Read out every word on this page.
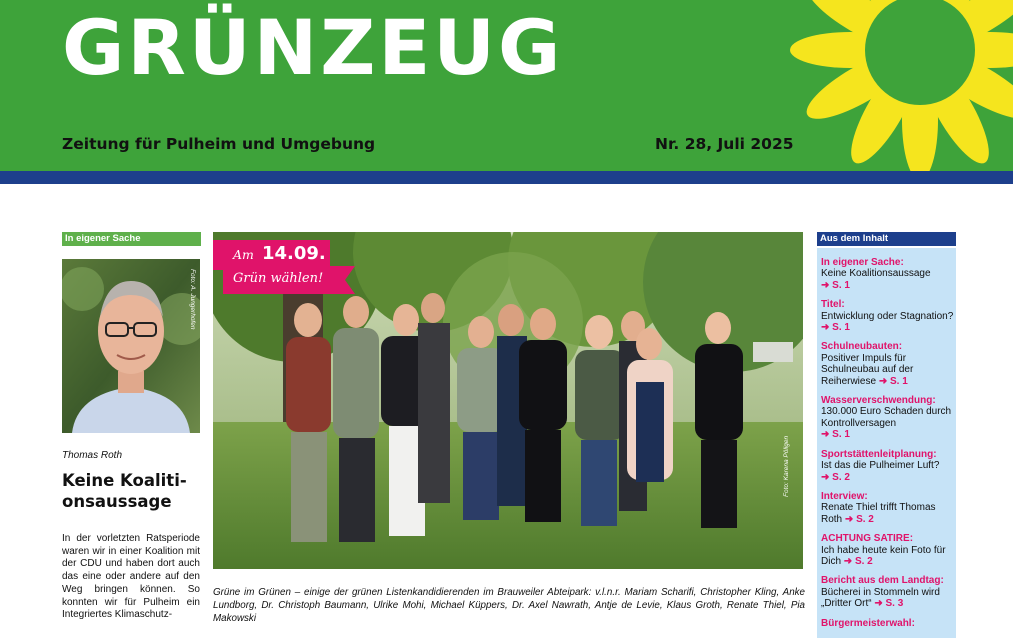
GRÜNZEUG
Zeitung für Pulheim und Umgebung	Nr. 28, Juli 2025
In eigener Sache
Foto: A. Jungerhofen
Thomas Roth
Keine Koaliti-
onsaussage
In der vorletzten Ratsperiode waren wir in einer Koalition mit der CDU und haben dort auch das eine oder andere auf den Weg bringen können. So konnten wir für Pulheim ein Integriertes Klimaschutz-
Foto: Karena Pöligen
Am 14.09.
Grün wählen!
Grüne im Grünen – einige der grünen Listenkandidierenden im Brauweiler Abteipark: v.l.n.r. Mariam Scharifi, Christopher Kling, Anke Lundborg, Dr. Christoph Baumann, Ulrike Mohi, Michael Küppers, Dr. Axel Nawrath, Antje de Levie, Klaus Groth, Renate Thiel, Pia Makowski
Aus dem Inhalt
In eigener Sache:
Keine Koalitionsaussage
➜ S. 1
Titel:
Entwicklung oder Stagnation? ➜ S. 1
Schulneubauten:
Positiver Impuls für Schulneubau auf der Reiherwiese ➜ S. 1
Wasserverschwendung:
130.000 Euro Schaden durch Kontrollversagen
➜ S. 1
Sportstättenleitplanung:
Ist das die Pulheimer Luft?
➜ S. 2
Interview:
Renate Thiel trifft Thomas Roth ➜ S. 2
ACHTUNG SATIRE:
Ich habe heute kein Foto für Dich ➜ S. 2
Bericht aus dem Landtag:
Bücherei in Stommeln wird „Dritter Ort“ ➜ S. 3
Bürgermeisterwahl:
